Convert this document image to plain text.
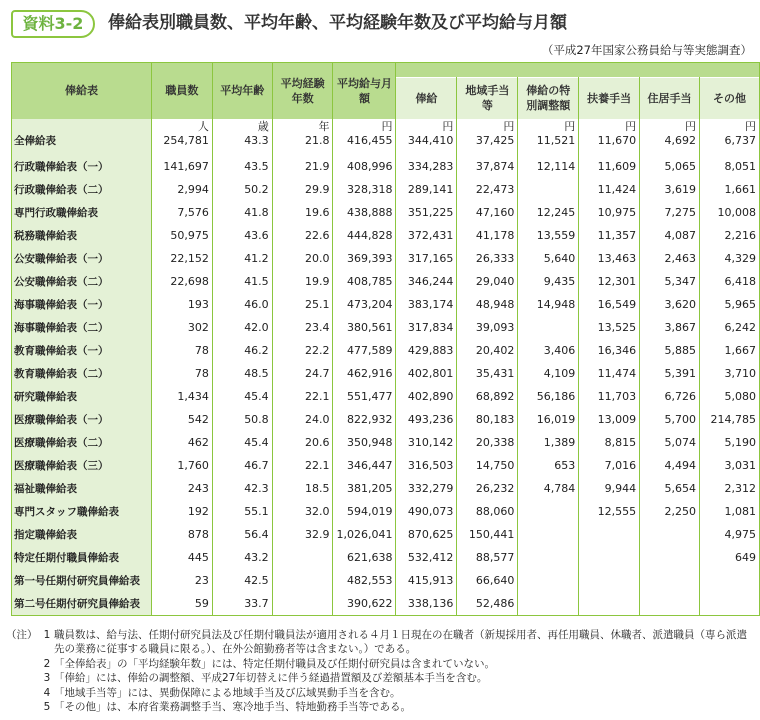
資料3-2	俸給表別職員数、平均年齢、平均経験年数及び平均給与月額
（平成27年国家公務員給与等実態調査）
俸給表	職員数	平均年齢	平均経験年数	平均給与月額						
					俸給	地域手当等	俸給の特別調整額	扶養手当	住居手当	その他
	人	歳	年	円	円	円	円	円	円	円
全俸給表	254,781	43.3	21.8	416,455	344,410	37,425	11,521	11,670	4,692	6,737
行政職俸給表（一）	141,697	43.5	21.9	408,996	334,283	37,874	12,114	11,609	5,065	8,051
行政職俸給表（二）	2,994	50.2	29.9	328,318	289,141	22,473		11,424	3,619	1,661
専門行政職俸給表	7,576	41.8	19.6	438,888	351,225	47,160	12,245	10,975	7,275	10,008
税務職俸給表	50,975	43.6	22.6	444,828	372,431	41,178	13,559	11,357	4,087	2,216
公安職俸給表（一）	22,152	41.2	20.0	369,393	317,165	26,333	5,640	13,463	2,463	4,329
公安職俸給表（二）	22,698	41.5	19.9	408,785	346,244	29,040	9,435	12,301	5,347	6,418
海事職俸給表（一）	193	46.0	25.1	473,204	383,174	48,948	14,948	16,549	3,620	5,965
海事職俸給表（二）	302	42.0	23.4	380,561	317,834	39,093		13,525	3,867	6,242
教育職俸給表（一）	78	46.2	22.2	477,589	429,883	20,402	3,406	16,346	5,885	1,667
教育職俸給表（二）	78	48.5	24.7	462,916	402,801	35,431	4,109	11,474	5,391	3,710
研究職俸給表	1,434	45.4	22.1	551,477	402,890	68,892	56,186	11,703	6,726	5,080
医療職俸給表（一）	542	50.8	24.0	822,932	493,236	80,183	16,019	13,009	5,700	214,785
医療職俸給表（二）	462	45.4	20.6	350,948	310,142	20,338	1,389	8,815	5,074	5,190
医療職俸給表（三）	1,760	46.7	22.1	346,447	316,503	14,750	653	7,016	4,494	3,031
福祉職俸給表	243	42.3	18.5	381,205	332,279	26,232	4,784	9,944	5,654	2,312
専門スタッフ職俸給表	192	55.1	32.0	594,019	490,073	88,060		12,555	2,250	1,081
指定職俸給表	878	56.4	32.9	1,026,041	870,625	150,441				4,975
特定任期付職員俸給表	445	43.2		621,638	532,412	88,577				649
第一号任期付研究員俸給表	23	42.5		482,553	415,913	66,640				
第二号任期付研究員俸給表	59	33.7		390,622	338,136	52,486				
（注） 1 職員数は、給与法、任期付研究員法及び任期付職員法が適用される４月１日現在の在職者（新規採用者、再任用職員、休職者、派遣職員（専ら派遣先の業務に従事する職員に限る。）、在外公館勤務者等は含まない。）である。
2 「全俸給表」の「平均経験年数」には、特定任期付職員及び任期付研究員は含まれていない。
3 「俸給」には、俸給の調整額、平成27年切替えに伴う経過措置額及び差額基本手当を含む。
4 「地域手当等」には、異動保障による地域手当及び広域異動手当を含む。
5 「その他」は、本府省業務調整手当、寒冷地手当、特地勤務手当等である。
